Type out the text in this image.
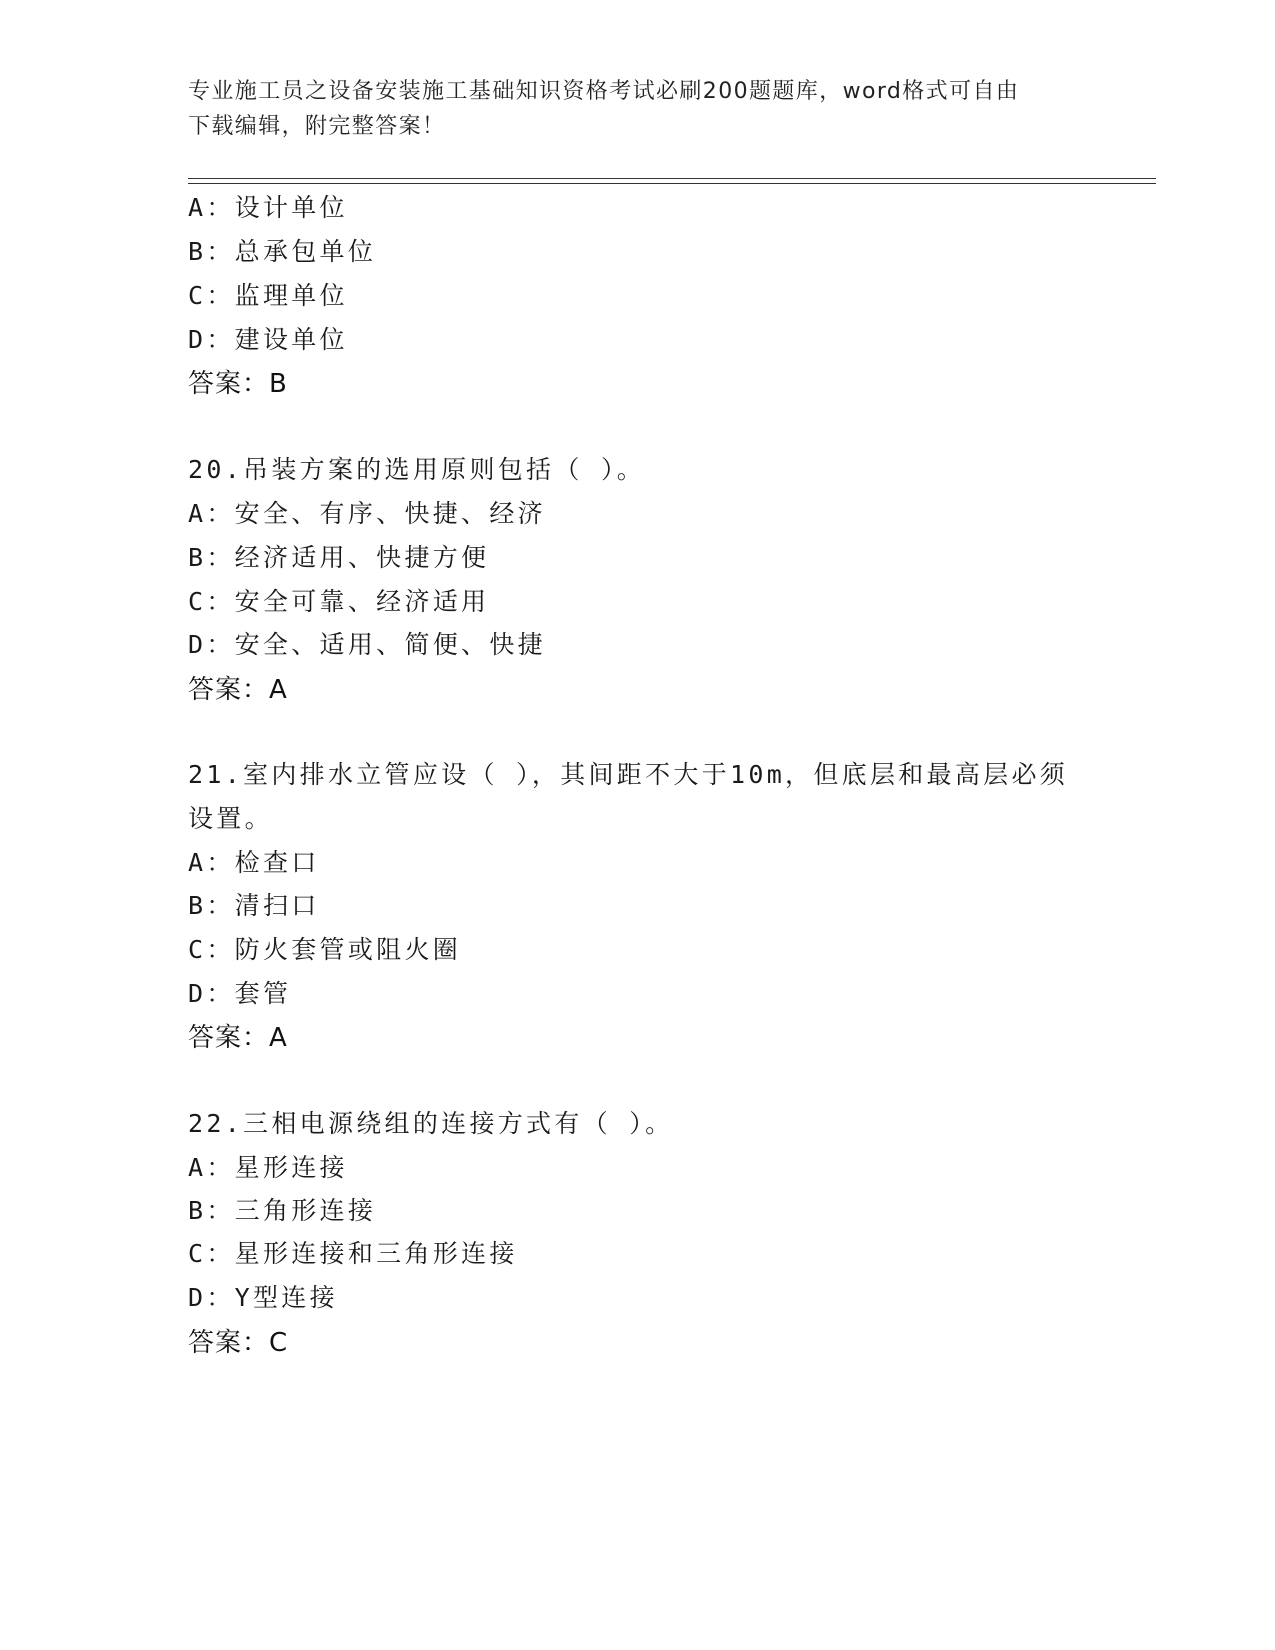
专业施工员之设备安装施工基础知识资格考试必刷200题题库，word格式可自由
下载编辑，附完整答案！
A：设计单位
B：总承包单位
C：监理单位
D：建设单位
答案：B
20.吊装方案的选用原则包括（ ）。
A：安全、有序、快捷、经济
B：经济适用、快捷方便
C：安全可靠、经济适用
D：安全、适用、简便、快捷
答案：A
21.室内排水立管应设（ ），其间距不大于10m，但底层和最高层必须
设置。
A：检查口
B：清扫口
C：防火套管或阻火圈
D：套管
答案：A
22.三相电源绕组的连接方式有（ ）。
A：星形连接
B：三角形连接
C：星形连接和三角形连接
D：Y型连接
答案：C
